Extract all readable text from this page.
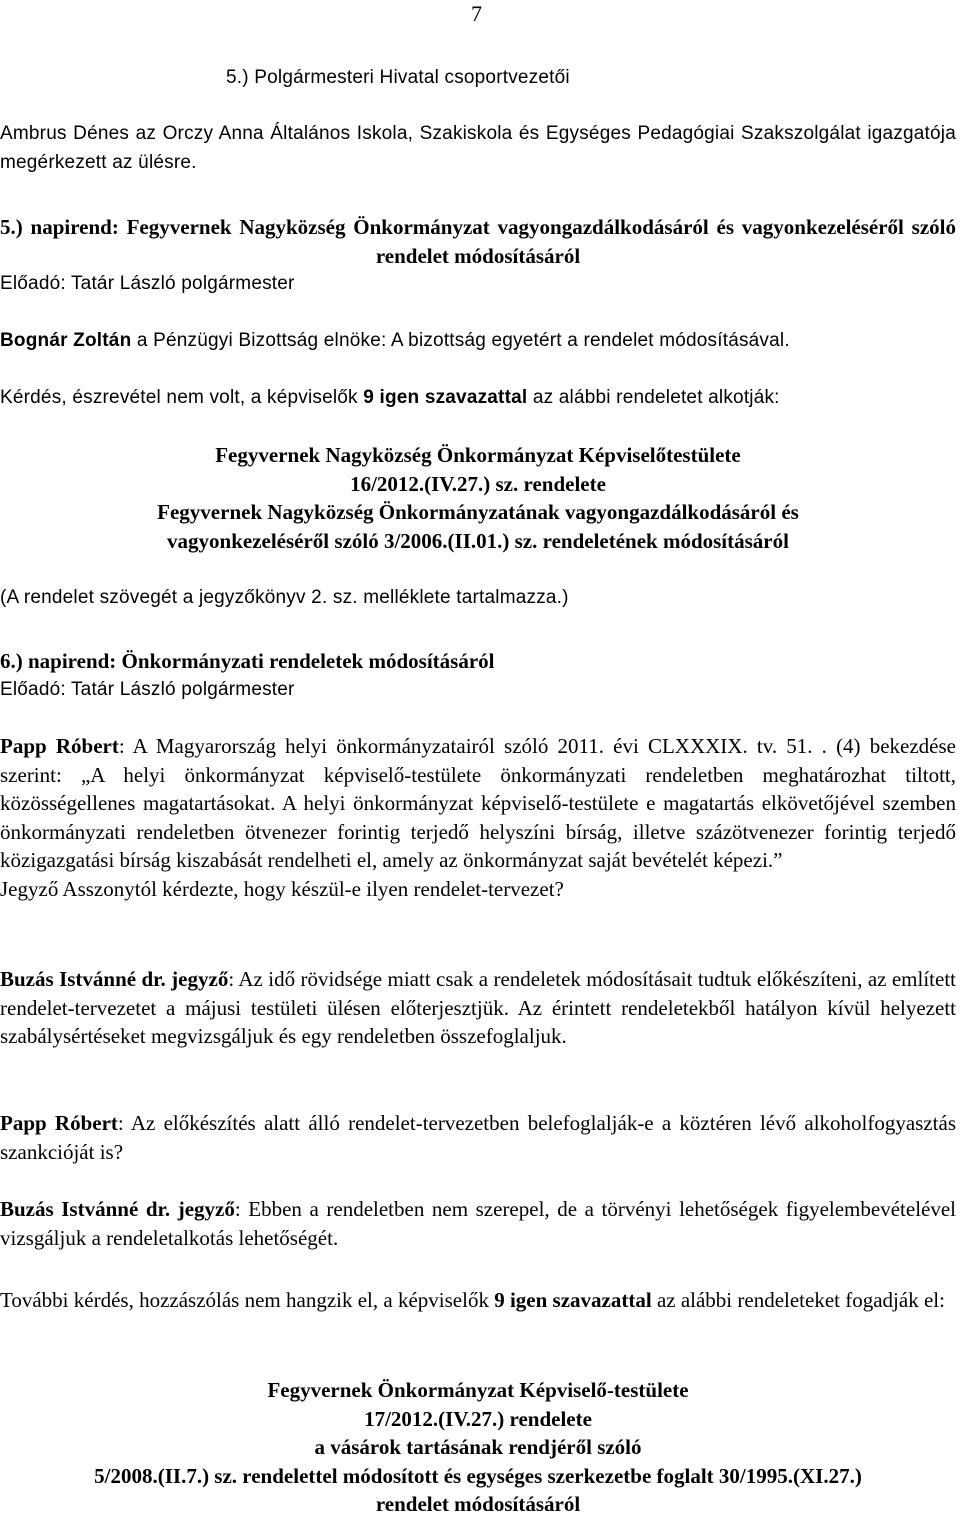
7

5.) Polgármesteri Hivatal csoportvezetői

Ambrus Dénes az Orczy Anna Általános Iskola, Szakiskola és Egységes Pedagógiai Szakszolgálat igazgatója megérkezett az ülésre.

5.) napirend: Fegyvernek Nagyközség Önkormányzat vagyongazdálkodásáról és vagyonkezeléséről szóló rendelet módosításáról

Előadó: Tatár László polgármester

Bognár Zoltán a Pénzügyi Bizottság elnöke: A bizottság egyetért a rendelet módosításával.

Kérdés, észrevétel nem volt, a képviselők 9 igen szavazattal az alábbi rendeletet alkotják:

Fegyvernek Nagyközség Önkormányzat Képviselőtestülete

16/2012.(IV.27.) sz. rendelete

Fegyvernek Nagyközség Önkormányzatának vagyongazdálkodásáról és

vagyonkezeléséről szóló 3/2006.(II.01.) sz. rendeletének módosításáról

(A rendelet szövegét a jegyzőkönyv 2. sz. melléklete tartalmazza.)

6.) napirend: Önkormányzati rendeletek módosításáról

Előadó: Tatár László polgármester

Papp Róbert: A Magyarország helyi önkormányzatairól szóló 2011. évi CLXXXIX. tv. 51. . (4) bekezdése szerint: „A helyi önkormányzat képviselő-testülete önkormányzati rendeletben meghatározhat tiltott, közösségellenes magatartásokat. A helyi önkormányzat képviselő-testülete e magatartás elkövetőjével szemben önkormányzati rendeletben ötvenezer forintig terjedő helyszíni bírság, illetve százötvenezer forintig terjedő közigazgatási bírság kiszabását rendelheti el, amely az önkormányzat saját bevételét képezi.”

Jegyző Asszonytól kérdezte, hogy készül-e ilyen rendelet-tervezet?

Buzás Istvánné dr. jegyző: Az idő rövidsége miatt csak a rendeletek módosításait tudtuk előkészíteni, az említett rendelet-tervezetet a májusi testületi ülésen előterjesztjük. Az érintett rendeletekből hatályon kívül helyezett szabálysértéseket megvizsgáljuk és egy rendeletben összefoglaljuk.

Papp Róbert: Az előkészítés alatt álló rendelet-tervezetben belefoglalják-e a köztéren lévő alkoholfogyasztás szankcióját is?

Buzás Istvánné dr. jegyző: Ebben a rendeletben nem szerepel, de a törvényi lehetőségek figyelembevételével vizsgáljuk a rendeletalkotás lehetőségét.

További kérdés, hozzászólás nem hangzik el, a képviselők 9 igen szavazattal az alábbi rendeleteket fogadják el:

Fegyvernek Önkormányzat Képviselő-testülete

17/2012.(IV.27.) rendelete

a vásárok tartásának rendjéről szóló

5/2008.(II.7.) sz. rendelettel módosított és egységes szerkezetbe foglalt 30/1995.(XI.27.)

rendelet módosításáról
